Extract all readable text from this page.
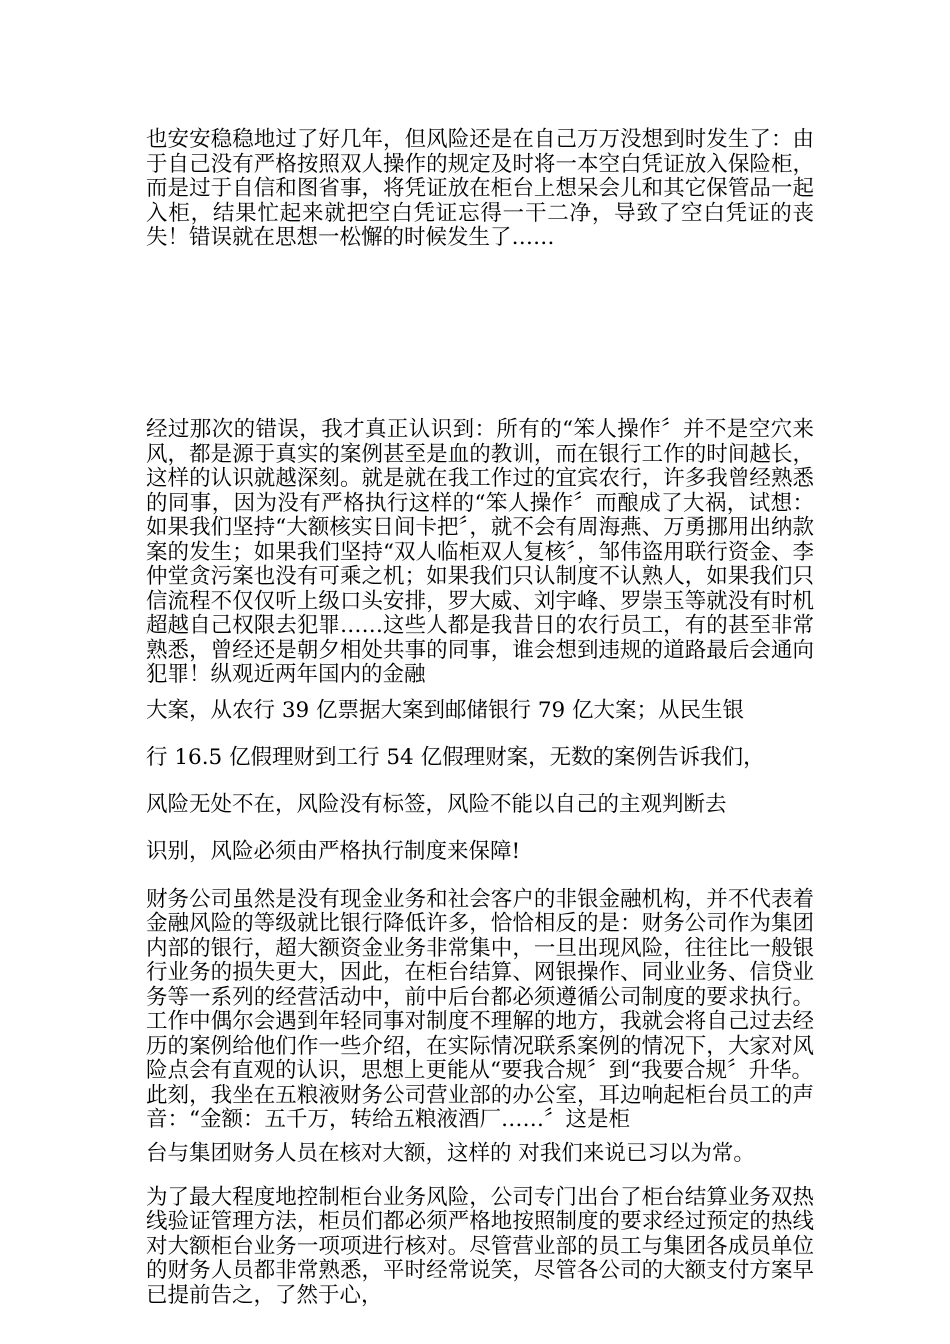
也安安稳稳地过了好几年，但风险还是在自己万万没想到时发生了：由于自己没有严格按照双人操作的规定及时将一本空白凭证放入保险柜，而是过于自信和图省事，将凭证放在柜台上想呆会儿和其它保管品一起入柜，结果忙起来就把空白凭证忘得一干二净，导致了空白凭证的丧失！错误就在思想一松懈的时候发生了……

经过那次的错误，我才真正认识到：所有的“笨人操作〞并不是空穴来风，都是源于真实的案例甚至是血的教训，而在银行工作的时间越长，这样的认识就越深刻。就是就在我工作过的宜宾农行，许多我曾经熟悉的同事，因为没有严格执行这样的“笨人操作〞而酿成了大祸，试想：如果我们坚持“大额核实日间卡把〞，就不会有周海燕、万勇挪用出纳款案的发生；如果我们坚持“双人临柜双人复核〞，邹伟盗用联行资金、李仲堂贪污案也没有可乘之机；如果我们只认制度不认熟人，如果我们只信流程不仅仅听上级口头安排，罗大威、刘宇峰、罗崇玉等就没有时机超越自己权限去犯罪……这些人都是我昔日的农行员工，有的甚至非常熟悉，曾经还是朝夕相处共事的同事，谁会想到违规的道路最后会通向犯罪！纵观近两年国内的金融

大案，从农行 39 亿票据大案到邮储银行 79 亿大案；从民生银

行 16.5 亿假理财到工行 54 亿假理财案，无数的案例告诉我们，

风险无处不在，风险没有标签，风险不能以自己的主观判断去

识别，风险必须由严格执行制度来保障!

财务公司虽然是没有现金业务和社会客户的非银金融机构，并不代表着金融风险的等级就比银行降低许多，恰恰相反的是：财务公司作为集团内部的银行，超大额资金业务非常集中，一旦出现风险，往往比一般银行业务的损失更大，因此，在柜台结算、网银操作、同业业务、信贷业务等一系列的经营活动中，前中后台都必须遵循公司制度的要求执行。工作中偶尔会遇到年轻同事对制度不理解的地方，我就会将自己过去经历的案例给他们作一些介绍，在实际情况联系案例的情况下，大家对风险点会有直观的认识，思想上更能从“要我合规〞到“我要合规〞升华。

此刻，我坐在五粮液财务公司营业部的办公室，耳边响起柜台员工的声音：“金额：五千万，转给五粮液酒厂……〞这是柜

台与集团财务人员在核对大额，这样的 对我们来说已习以为常。

为了最大程度地控制柜台业务风险，公司专门出台了柜台结算业务双热线验证管理方法，柜员们都必须严格地按照制度的要求经过预定的热线对大额柜台业务一项项进行核对。尽管营业部的员工与集团各成员单位的财务人员都非常熟悉，平时经常说笑，尽管各公司的大额支付方案早已提前告之，了然于心，
